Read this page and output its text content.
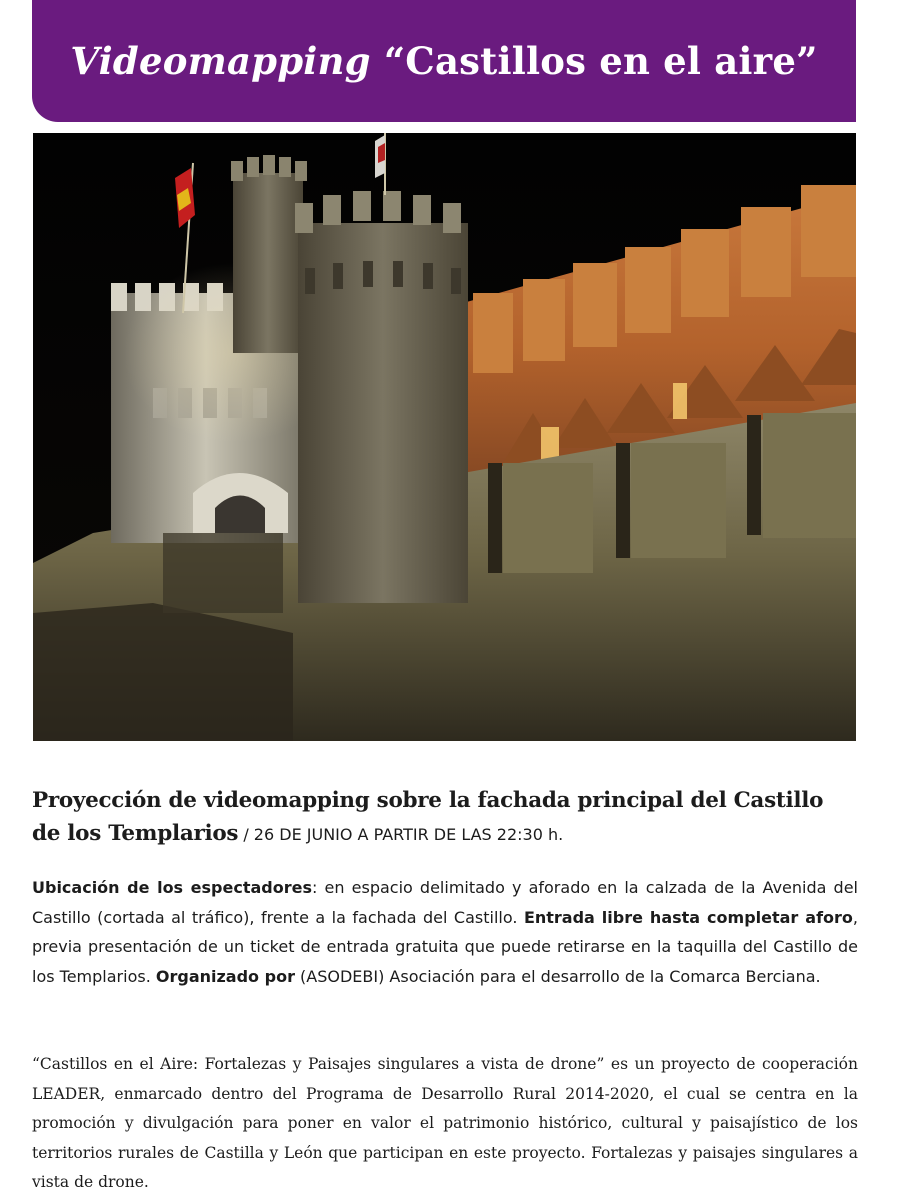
Videomapping “Castillos en el aire”
Proyección de videomapping sobre la fachada principal del Castillo de los Templarios / 26 DE JUNIO A PARTIR DE LAS 22:30 h.
Ubicación de los espectadores: en espacio delimitado y aforado en la calzada de la Avenida del Castillo (cortada al tráfico), frente a la fachada del Castillo. Entrada libre hasta completar aforo, previa presentación de un ticket de entrada gratuita que puede retirarse en la taquilla del Castillo de los Templarios. Organizado por (ASODEBI) Asociación para el desarrollo de la Comarca Berciana.
“Castillos en el Aire: Fortalezas y Paisajes singulares a vista de drone” es un proyecto de cooperación LEADER, enmarcado dentro del Programa de Desarrollo Rural 2014-2020, el cual se centra en la promoción y divulgación para poner en valor el patrimonio histórico, cultural y paisajístico de los territorios rurales de Castilla y León que participan en este proyecto. Fortalezas y paisajes singulares a vista de drone.
